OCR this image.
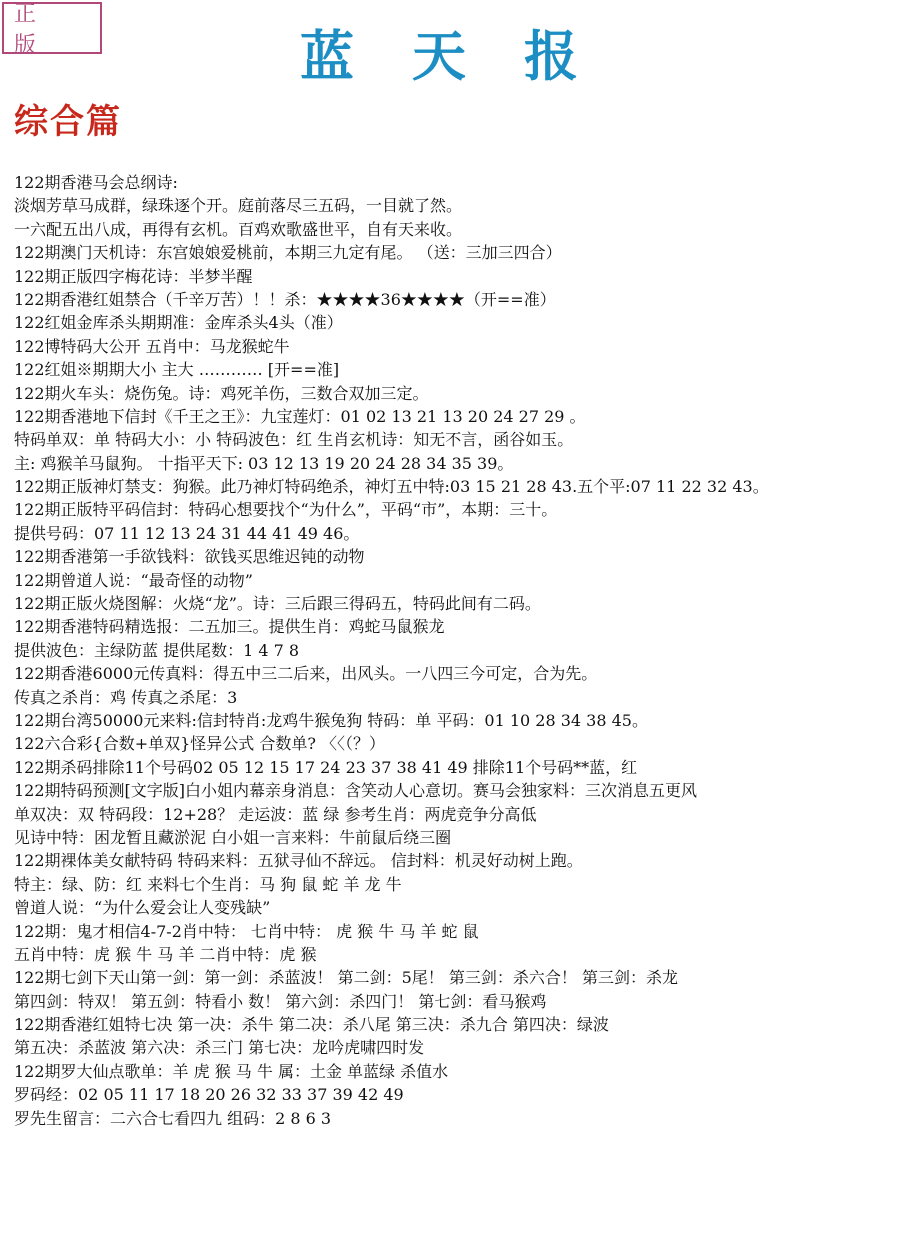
正 版	蓝天报
综合篇
122期香港马会总纲诗:
淡烟芳草马成群，绿珠逐个开。庭前落尽三五码，一目就了然。
一六配五出八成，再得有玄机。百鸡欢歌盛世平，自有天来收。
122期澳门天机诗：东宫娘娘爱桃前，本期三九定有尾。 （送：三加三四合）
122期正版四字梅花诗：半梦半醒
122期香港红姐禁合（千辛万苦）！！杀：★★★★36★★★★（开==准）
122红姐金库杀头期期准：金库杀头4头（准）
122博特码大公开 五肖中：马龙猴蛇牛
122红姐※期期大小 主大 ………… [开==准]
122期火车头：烧伤兔。诗：鸡死羊伤，三数合双加三定。
122期香港地下信封《千王之王》：九宝莲灯：01 02 13 21 13 20 24 27 29 。
特码单双：单 特码大小：小 特码波色：红 生肖玄机诗：知无不言，函谷如玉。
主: 鸡猴羊马鼠狗。 十指平天下: 03 12 13 19 20 24 28 34 35 39。
122期正版神灯禁支：狗猴。此乃神灯特码绝杀，神灯五中特:03 15 21 28 43.五个平:07 11 22 32 43。
122期正版特平码信封：特码心想要找个“为什么”，平码“市”，本期：三十。
提供号码：07 11 12 13 24 31 44 41 49 46。
122期香港第一手欲钱料：欲钱买思维迟钝的动物
122期曾道人说：“最奇怪的动物”
122期正版火烧图解：火烧“龙”。诗：三后跟三得码五，特码此间有二码。
122期香港特码精选报：二五加三。提供生肖：鸡蛇马鼠猴龙
提供波色：主绿防蓝 提供尾数：1 4 7 8
122期香港6000元传真料：得五中三二后来，出风头。一八四三今可定，合为先。
传真之杀肖：鸡 传真之杀尾：3
122期台湾50000元来料:信封特肖:龙鸡牛猴兔狗 特码：单 平码：01 10 28 34 38 45。
122六合彩{合数+单双}怪异公式 合数单? 〈〈（？）
122期杀码排除11个号码02 05 12 15 17 24 23 37 38 41 49 排除11个号码**蓝，红
122期特码预测[文字版]白小姐内幕亲身消息：含笑动人心意切。赛马会独家料：三次消息五更风
单双决：双 特码段：12+28？ 走运波：蓝 绿 参考生肖：两虎竞争分高低
见诗中特：困龙暂且藏淤泥 白小姐一言来料：牛前鼠后绕三圈
122期裸体美女献特码 特码来料：五狱寻仙不辞远。 信封料：机灵好动树上跑。
特主：绿、防：红 来料七个生肖：马 狗 鼠 蛇 羊 龙 牛
曾道人说：“为什么爱会让人变残缺”
122期：鬼才相信4-7-2肖中特： 七肖中特： 虎 猴 牛 马 羊 蛇 鼠
五肖中特：虎 猴 牛 马 羊 二肖中特：虎 猴
122期七剑下天山第一剑：第一剑：杀蓝波！ 第二剑：5尾！ 第三剑：杀六合！ 第三剑：杀龙
第四剑：特双！ 第五剑：特看小 数！ 第六剑：杀四门！ 第七剑：看马猴鸡
122期香港红姐特七决 第一决：杀牛 第二决：杀八尾 第三决：杀九合 第四决：绿波
第五决：杀蓝波 第六决：杀三门 第七决：龙吟虎啸四时发
122期罗大仙点歌单：羊 虎 猴 马 牛 属：土金 单蓝绿 杀值水
罗码经：02 05 11 17 18 20 26 32 33 37 39 42 49
罗先生留言：二六合七看四九 组码：2 8 6 3
